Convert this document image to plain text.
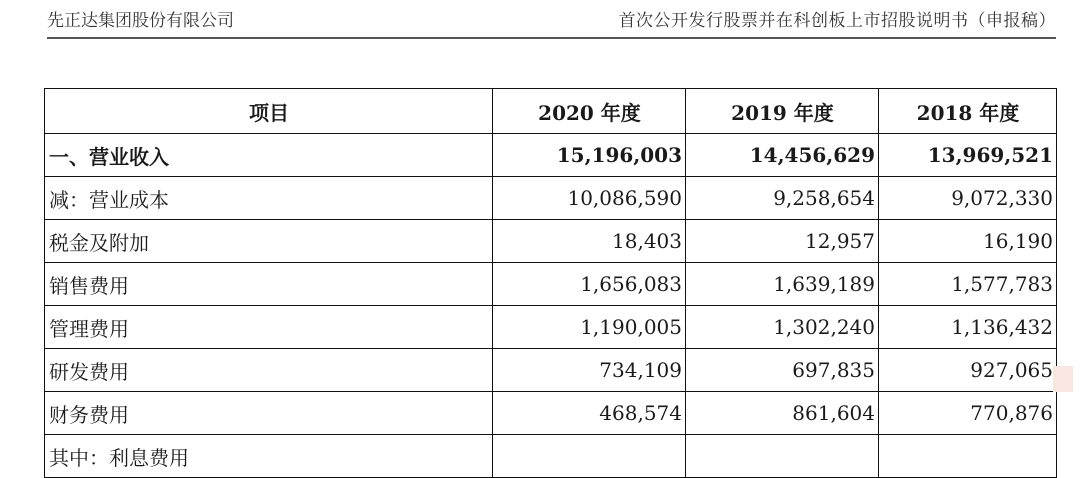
先正达集团股份有限公司	首次公开发行股票并在科创板上市招股说明书（申报稿）
项目	2020 年度	2019 年度	2018 年度
一、营业收入	15,196,003	14,456,629	13,969,521
减：营业成本	10,086,590	9,258,654	9,072,330
税金及附加	18,403	12,957	16,190
销售费用	1,656,083	1,639,189	1,577,783
管理费用	1,190,005	1,302,240	1,136,432
研发费用	734,109	697,835	927,065
财务费用	468,574	861,604	770,876
其中：利息费用			
